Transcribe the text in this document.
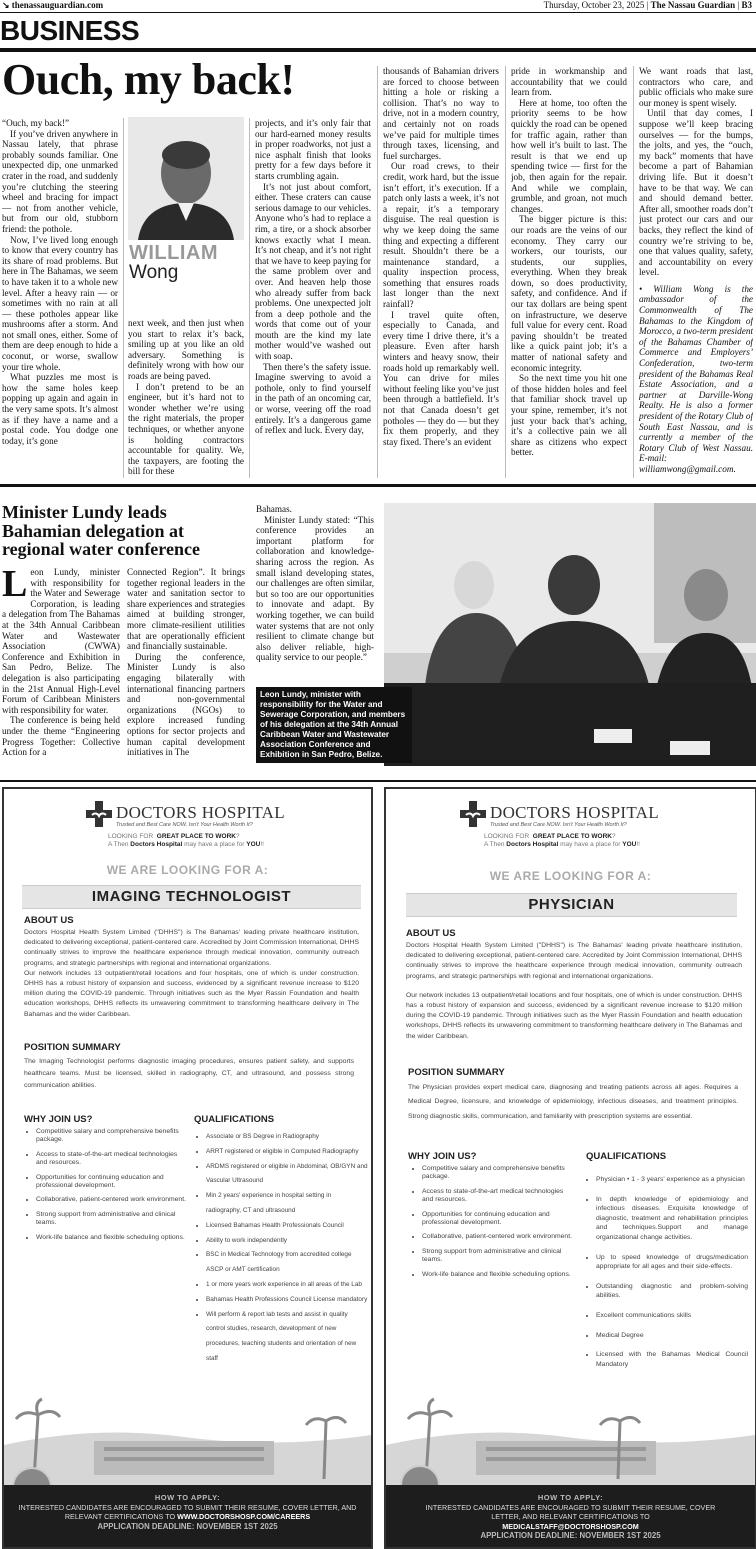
↘ thenassauguardian.com	Thursday, October 23, 2025 | The Nassau Guardian | B3
BUSINESS
Ouch, my back!

“Ouch, my back!”

If you’ve driven anywhere in Nassau lately, that phrase probably sounds familiar. One unexpected dip, one unmarked crater in the road, and suddenly you’re clutching the steering wheel and bracing for impact — not from another vehicle, but from our old, stubborn friend: the pothole.

Now, I’ve lived long enough to know that every country has its share of road problems. But here in The Bahamas, we seem to have taken it to a whole new level. After a heavy rain — or sometimes with no rain at all — these potholes appear like mushrooms after a storm. And not small ones, either. Some of them are deep enough to hide a coconut, or worse, swallow your tire whole.

What puzzles me most is how the same holes keep popping up again and again in the very same spots. It’s almost as if they have a name and a postal code. You dodge one today, it’s gone

WILLIAM
Wong

next week, and then just when you start to relax it’s back, smiling up at you like an old adversary. Something is definitely wrong with how our roads are being paved.

I don’t pretend to be an engineer, but it’s hard not to wonder whether we’re using the right materials, the proper techniques, or whether anyone is holding contractors accountable for quality. We, the taxpayers, are footing the bill for these

projects, and it’s only fair that our hard-earned money results in proper roadworks, not just a nice asphalt finish that looks pretty for a few days before it starts crumbling again.

It’s not just about comfort, either. These craters can cause serious damage to our vehicles. Anyone who’s had to replace a rim, a tire, or a shock absorber knows exactly what I mean. It’s not cheap, and it’s not right that we have to keep paying for the same problem over and over. And heaven help those who already suffer from back problems. One unexpected jolt from a deep pothole and the words that come out of your mouth are the kind my late mother would’ve washed out with soap.

Then there’s the safety issue. Imagine swerving to avoid a pothole, only to find yourself in the path of an oncoming car, or worse, veering off the road entirely. It’s a dangerous game of reflex and luck. Every day,

thousands of Bahamian drivers are forced to choose between hitting a hole or risking a collision. That’s no way to drive, not in a modern country, and certainly not on roads we’ve paid for multiple times through taxes, licensing, and fuel surcharges.

Our road crews, to their credit, work hard, but the issue isn’t effort, it’s execution. If a patch only lasts a week, it’s not a repair, it’s a temporary disguise. The real question is why we keep doing the same thing and expecting a different result. Shouldn’t there be a maintenance standard, a quality inspection process, something that ensures roads last longer than the next rainfall?

I travel quite often, especially to Canada, and every time I drive there, it’s a pleasure. Even after harsh winters and heavy snow, their roads hold up remarkably well. You can drive for miles without feeling like you’ve just been through a battlefield. It’s not that Canada doesn’t get potholes — they do — but they fix them properly, and they stay fixed. There’s an evident

pride in workmanship and accountability that we could learn from.

Here at home, too often the priority seems to be how quickly the road can be opened for traffic again, rather than how well it’s built to last. The result is that we end up spending twice — first for the job, then again for the repair. And while we complain, grumble, and groan, not much changes.

The bigger picture is this: our roads are the veins of our economy. They carry our workers, our tourists, our students, our supplies, everything. When they break down, so does productivity, safety, and confidence. And if our tax dollars are being spent on infrastructure, we deserve full value for every cent. Road paving shouldn’t be treated like a quick paint job; it’s a matter of national safety and economic integrity.

So the next time you hit one of those hidden holes and feel that familiar shock travel up your spine, remember, it’s not just your back that’s aching, it’s a collective pain we all share as citizens who expect better.

We want roads that last, contractors who care, and public officials who make sure our money is spent wisely.

Until that day comes, I suppose we’ll keep bracing ourselves — for the bumps, the jolts, and yes, the “ouch, my back” moments that have become a part of Bahamian driving life. But it doesn’t have to be that way. We can and should demand better. After all, smoother roads don’t just protect our cars and our backs, they reflect the kind of country we’re striving to be, one that values quality, safety, and accountability on every level.

• William Wong is the ambassador of the Commonwealth of The Bahamas to the Kingdom of Morocco, a two-term president of the Bahamas Chamber of Commerce and Employers’ Confederation, two-term president of the Bahamas Real Estate Association, and a partner at Darville-Wong Realty. He is also a former president of the Rotary Club of South East Nassau, and is currently a member of the Rotary Club of West Nassau. E-mail: williamwong@gmail.com.
Minister Lundy leads Bahamian delegation at regional water conference

Leon Lundy, minister with responsibility for the Water and Sewerage Corporation, is leading a delegation from The Bahamas at the 34th Annual Caribbean Water and Wastewater Association (CWWA) Conference and Exhibition in San Pedro, Belize. The delegation is also participating in the 21st Annual High-Level Forum of Caribbean Ministers with responsibility for water.

The conference is being held under the theme “Engineering Progress Together: Collective Action for a

Connected Region”. It brings together regional leaders in the water and sanitation sector to share experiences and strategies aimed at building stronger, more climate-resilient utilities that are operationally efficient and financially sustainable.

During the conference, Minister Lundy is also engaging bilaterally with international financing partners and non-governmental organizations (NGOs) to explore increased funding options for sector projects and human capital development initiatives in The

Bahamas.

Minister Lundy stated: “This conference provides an important platform for collaboration and knowledge-sharing across the region. As small island developing states, our challenges are often similar, but so too are our opportunities to innovate and adapt. By working together, we can build water systems that are not only resilient to climate change but also deliver reliable, high-quality service to our people.”

Leon Lundy, minister with responsibility for the Water and Sewerage Corporation, and members of his delegation at the 34th Annual Caribbean Water and Wastewater Association Conference and Exhibition in San Pedro, Belize.
DOCTORS HOSPITAL
Trusted and Best Care NOW. Isn't Your Health Worth It?
LOOKING FOR GREAT PLACE TO WORK?
A Then Doctors Hospital may have a place for YOU!!
WE ARE LOOKING FOR A:
IMAGING TECHNOLOGIST
ABOUT US
Doctors Hospital Health System Limited ("DHHS") is The Bahamas' leading private healthcare institution, dedicated to delivering exceptional, patient-centered care. Accredited by Joint Commission International, DHHS continually strives to improve the healthcare experience through medical innovation, community outreach programs, and strategic partnerships with regional and international organizations.
Our network includes 13 outpatient/retail locations and four hospitals, one of which is under construction. DHHS has a robust history of expansion and success, evidenced by a significant revenue increase to $120 million during the COVID-19 pandemic. Through initiatives such as the Myer Rassin Foundation and health education workshops, DHHS reflects its unwavering commitment to transforming healthcare delivery in The Bahamas and the wider Caribbean.
POSITION SUMMARY
The Imaging Technologist performs diagnostic imaging procedures, ensures patient safety, and supports healthcare teams. Must be licensed, skilled in radiography, CT, and ultrasound, and possess strong communication abilities.
WHY JOIN US?
• Competitive salary and comprehensive benefits package.
• Access to state-of-the-art medical technologies and resources.
• Opportunities for continuing education and professional development.
• Collaborative, patient-centered work environment.
• Strong support from administrative and clinical teams.
• Work-life balance and flexible scheduling options.
QUALIFICATIONS
• Associate or BS Degree in Radiography
• ARRT registered or eligible in Computed Radiography
• ARDMS registered or eligible in Abdominal, OB/GYN and Vascular Ultrasound
• Min 2 years' experience in hospital setting in radiography, CT and ultrasound
• Licensed Bahamas Health Professionals Council
• Ability to work independently
• BSC in Medical Technology from accredited college ASCP or AMT certification
• 1 or more years work experience in all areas of the Lab
• Bahamas Health Professions Council License mandatory
• Will perform & report lab tests and assist in quality control studies, research, development of new procedures, teaching students and orientation of new staff
HOW TO APPLY:
INTERESTED CANDIDATES ARE ENCOURAGED TO SUBMIT THEIR RESUME, COVER LETTER, AND RELEVANT CERTIFICATIONS TO WWW.DOCTORSHOSP.COM/CAREERS
APPLICATION DEADLINE: NOVEMBER 1ST 2025
DOCTORS HOSPITAL
Trusted and Best Care NOW. Isn't Your Health Worth It?
LOOKING FOR GREAT PLACE TO WORK?
A Then Doctors Hospital may have a place for YOU!!
WE ARE LOOKING FOR A:
PHYSICIAN
ABOUT US
Doctors Hospital Health System Limited ("DHHS") is The Bahamas' leading private healthcare institution, dedicated to delivering exceptional, patient-centered care. Accredited by Joint Commission International, DHHS continually strives to improve the healthcare experience through medical innovation, community outreach programs, and strategic partnerships with regional and international organizations.
Our network includes 13 outpatient/retail locations and four hospitals, one of which is under construction. DHHS has a robust history of expansion and success, evidenced by a significant revenue increase to $120 million during the COVID-19 pandemic. Through initiatives such as the Myer Rassin Foundation and health education workshops, DHHS reflects its unwavering commitment to transforming healthcare delivery in The Bahamas and the wider Caribbean.
POSITION SUMMARY
The Physician provides expert medical care, diagnosing and treating patients across all ages. Requires a Medical Degree, licensure, and knowledge of epidemiology, infectious diseases, and treatment principles. Strong diagnostic skills, communication, and familiarity with prescription systems are essential.
WHY JOIN US?
• Competitive salary and comprehensive benefits package.
• Access to state-of-the-art medical technologies and resources.
• Opportunities for continuing education and professional development.
• Collaborative, patient-centered work environment.
• Strong support from administrative and clinical teams.
• Work-life balance and flexible scheduling options.
QUALIFICATIONS
• Physician • 1 - 3 years' experience as a physician
• In depth knowledge of epidemiology and infectious diseases. Exquisite knowledge of diagnostic, treatment and rehabilitation principles and techniques.Support and manage organizational change activities.
• Up to speed knowledge of drugs/medication appropriate for all ages and their side-effects.
• Outstanding diagnostic and problem-solving abilities.
• Excellent communications skills
• Medical Degree
• Licensed with the Bahamas Medical Council Mandatory
HOW TO APPLY:
INTERESTED CANDIDATES ARE ENCOURAGED TO SUBMIT THEIR RESUME, COVER LETTER, AND RELEVANT CERTIFICATIONS TO
MEDICALSTAFF@DOCTORSHOSP.COM
APPLICATION DEADLINE: NOVEMBER 1ST 2025
